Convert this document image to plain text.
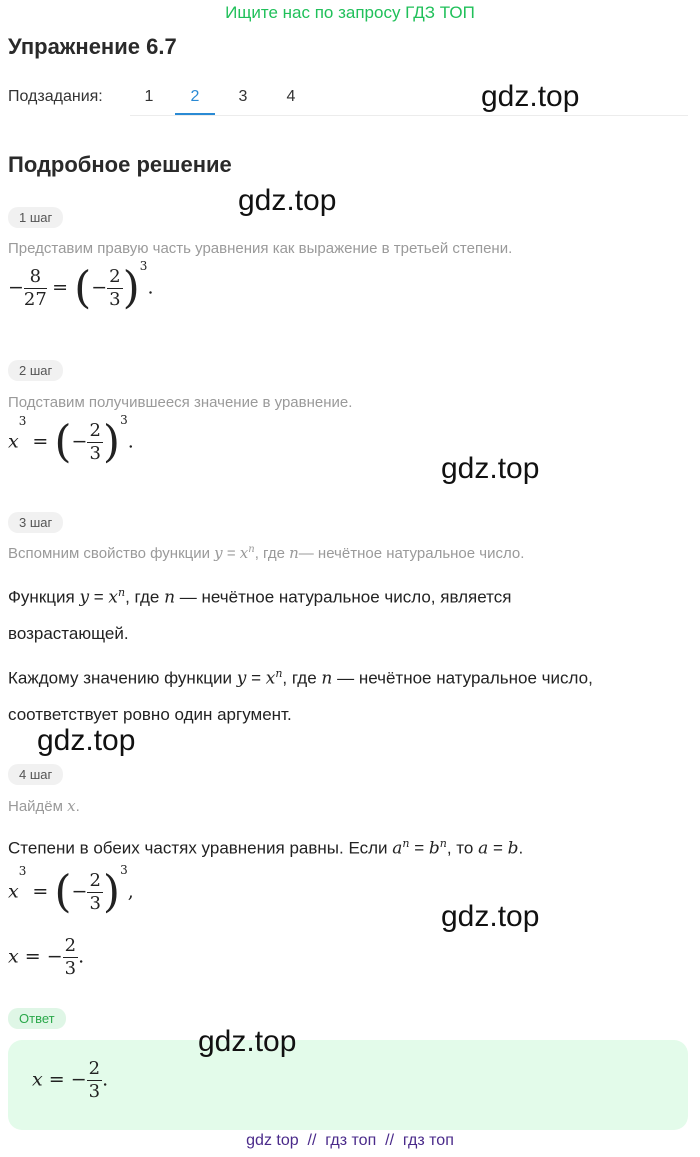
Ищите нас по запросу ГДЗ ТОП
Упражнение 6.7
Подзадания:	1	2	3	4	gdz.top
Подробное решение
gdz.top
1 шаг
Представим правую часть уравнения как выражение в третьей степени.
− $\frac{8}{27}$ = (− $\frac{2}{3} )^3$.
2 шаг
Подставим получившееся значение в уравнение.
$x^3$ = (− $\frac{2}{3} )^3$.
gdz.top
3 шаг
Вспомним свойство функции $y = x^n$, где n— нечётное натуральное число.
Функция $y = x^n$, где n — нечётное натуральное число, является
возрастающей.
Каждому значению функции $y = x^n$, где n — нечётное натуральное число,
соответствует ровно один аргумент.
gdz.top
4 шаг
Найдём x.
Степени в обеих частях уравнения равны. Если $a^n = b^n$, то a = b.
$x^3$ = (− $\frac{2}{3} )^3$,
x = − $\frac{2}{3}$ .
gdz.top
Ответ
x = − $\frac{2}{3}$ .
gdz.top
gdz top  //  гдз топ  //  гдз топ
